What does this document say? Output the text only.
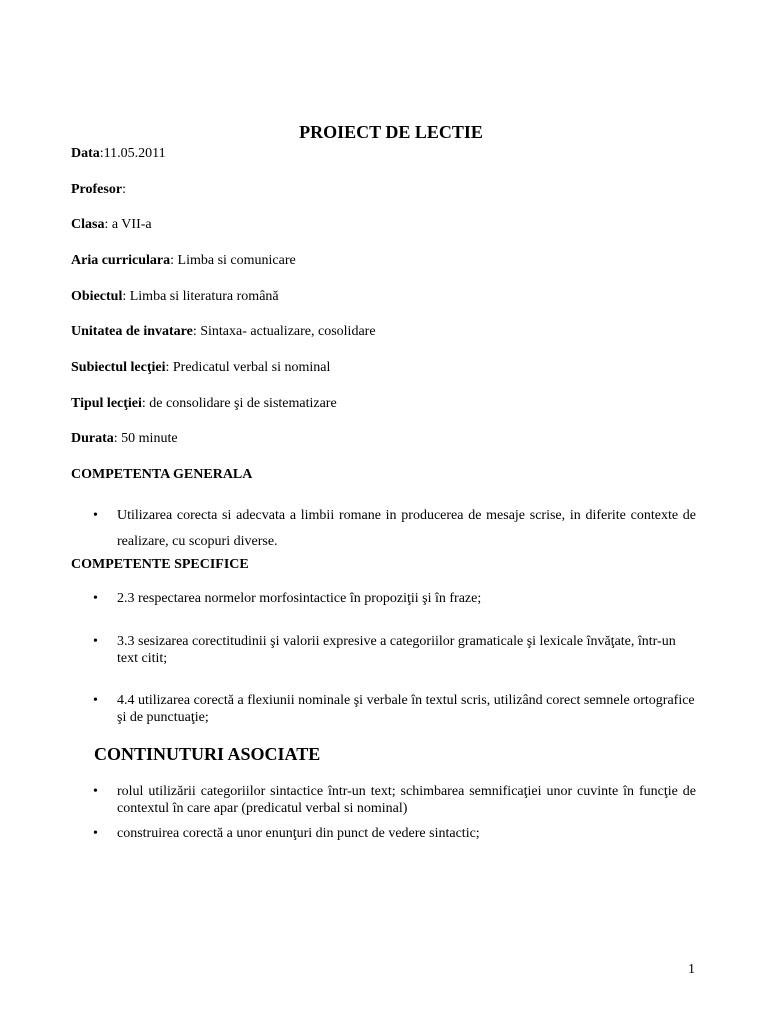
PROIECT DE LECTIE
Data:11.05.2011
Profesor:
Clasa: a VII-a
Aria curriculara: Limba si comunicare
Obiectul: Limba si literatura română
Unitatea de invatare: Sintaxa- actualizare, cosolidare
Subiectul lecţiei: Predicatul verbal si nominal
Tipul lecţiei: de consolidare şi de sistematizare
Durata: 50 minute
COMPETENTA GENERALA
• Utilizarea corecta si adecvata a limbii romane in producerea de mesaje scrise, in diferite contexte de realizare, cu scopuri diverse.
COMPETENTE SPECIFICE
• 2.3 respectarea normelor morfosintactice în propoziţii şi în fraze;
• 3.3 sesizarea corectitudinii şi valorii expresive a categoriilor gramaticale şi lexicale învăţate, într-un text citit;
• 4.4 utilizarea corectă a flexiunii nominale şi verbale în textul scris, utilizând corect semnele ortografice şi de punctuaţie;
CONTINUTURI ASOCIATE
• rolul utilizării categoriilor sintactice într-un text; schimbarea semnificaţiei unor cuvinte în funcţie de contextul în care apar (predicatul verbal si nominal)
• construirea corectă a unor enunţuri din punct de vedere sintactic;
1
